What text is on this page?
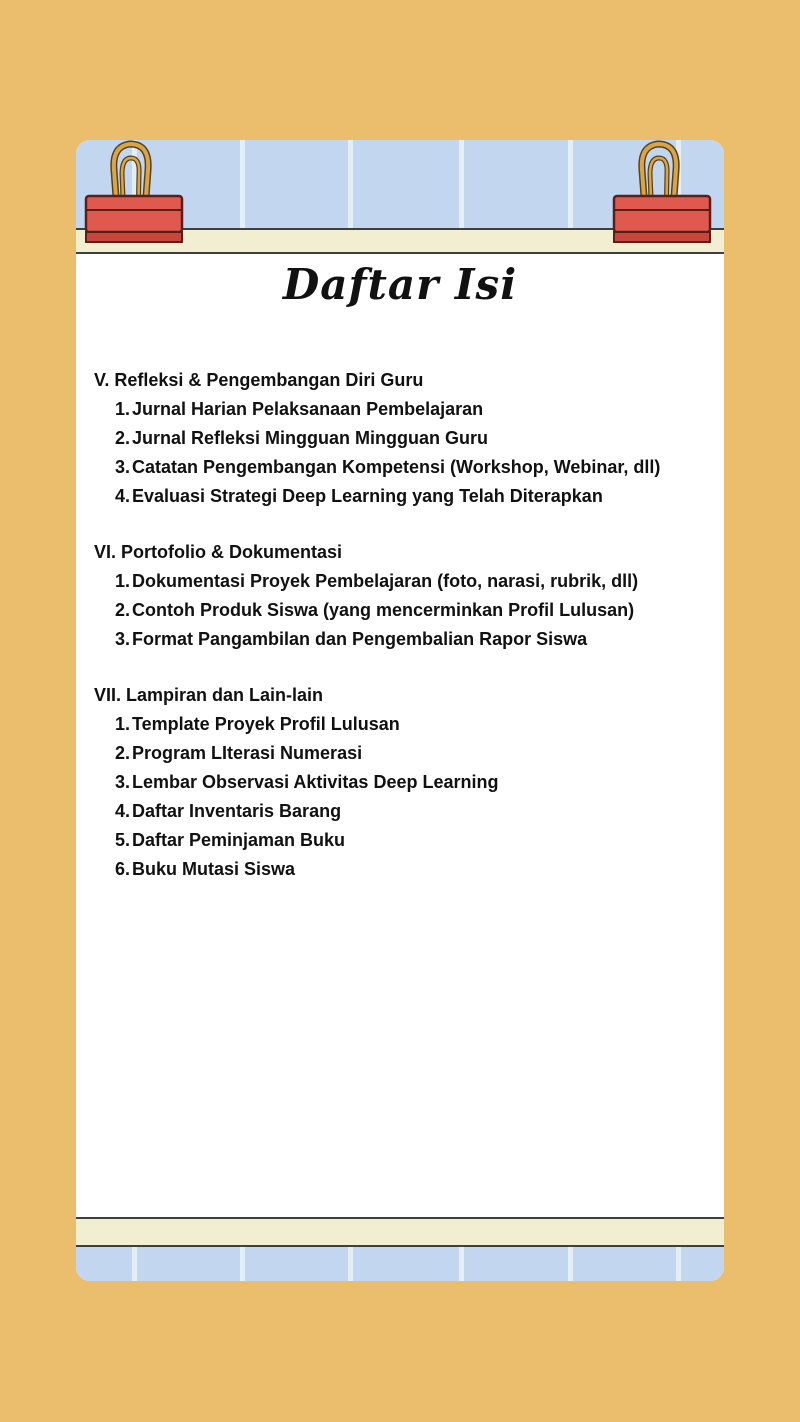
Daftar Isi
V. Refleksi & Pengembangan Diri Guru
1. Jurnal Harian Pelaksanaan Pembelajaran
2. Jurnal Refleksi Mingguan Mingguan Guru
3. Catatan Pengembangan Kompetensi (Workshop, Webinar, dll)
4. Evaluasi Strategi Deep Learning yang Telah Diterapkan
VI. Portofolio & Dokumentasi
1. Dokumentasi Proyek Pembelajaran (foto, narasi, rubrik, dll)
2. Contoh Produk Siswa (yang mencerminkan Profil Lulusan)
3. Format Pangambilan dan Pengembalian Rapor Siswa
VII. Lampiran dan Lain-lain
1. Template Proyek Profil Lulusan
2. Program LIterasi Numerasi
3. Lembar Observasi Aktivitas Deep Learning
4. Daftar Inventaris Barang
5. Daftar Peminjaman Buku
6. Buku Mutasi Siswa
